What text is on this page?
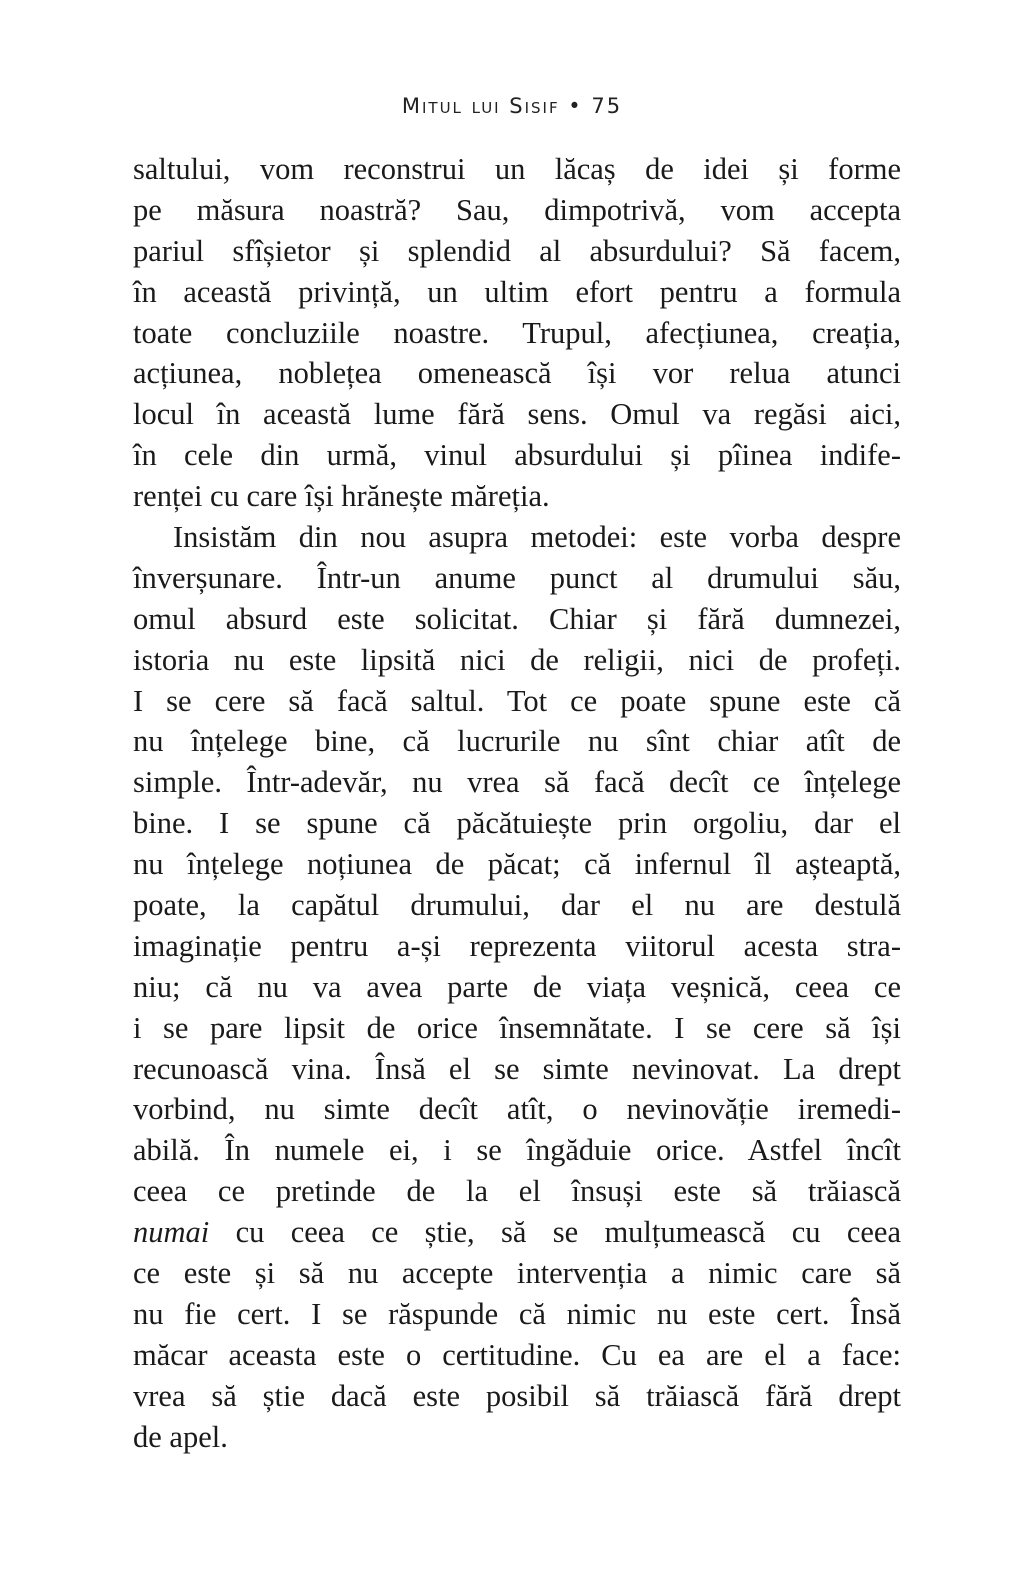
Mitul lui Sisif • 75
saltului, vom reconstrui un lăcaș de idei și forme
pe măsura noastră? Sau, dimpotrivă, vom accepta
pariul sfîșietor și splendid al absurdului? Să facem,
în această privință, un ultim efort pentru a formula
toate concluziile noastre. Trupul, afecțiunea, creația,
acțiunea, noblețea omenească își vor relua atunci
locul în această lume fără sens. Omul va regăsi aici,
în cele din urmă, vinul absurdului și pîinea indife-
renței cu care își hrănește măreția.
Insistăm din nou asupra metodei: este vorba despre
înverșunare. Într-un anume punct al drumului său,
omul absurd este solicitat. Chiar și fără dumnezei,
istoria nu este lipsită nici de religii, nici de profeți.
I se cere să facă saltul. Tot ce poate spune este că
nu înțelege bine, că lucrurile nu sînt chiar atît de
simple. Într-adevăr, nu vrea să facă decît ce înțelege
bine. I se spune că păcătuiește prin orgoliu, dar el
nu înțelege noțiunea de păcat; că infernul îl așteaptă,
poate, la capătul drumului, dar el nu are destulă
imaginație pentru a-și reprezenta viitorul acesta stra-
niu; că nu va avea parte de viața veșnică, ceea ce
i se pare lipsit de orice însemnătate. I se cere să își
recunoască vina. Însă el se simte nevinovat. La drept
vorbind, nu simte decît atît, o nevinovăție iremedi-
abilă. În numele ei, i se îngăduie orice. Astfel încît
ceea ce pretinde de la el însuși este să trăiască
numai cu ceea ce știe, să se mulțumească cu ceea
ce este și să nu accepte intervenția a nimic care să
nu fie cert. I se răspunde că nimic nu este cert. Însă
măcar aceasta este o certitudine. Cu ea are el a face:
vrea să știe dacă este posibil să trăiască fără drept
de apel.
